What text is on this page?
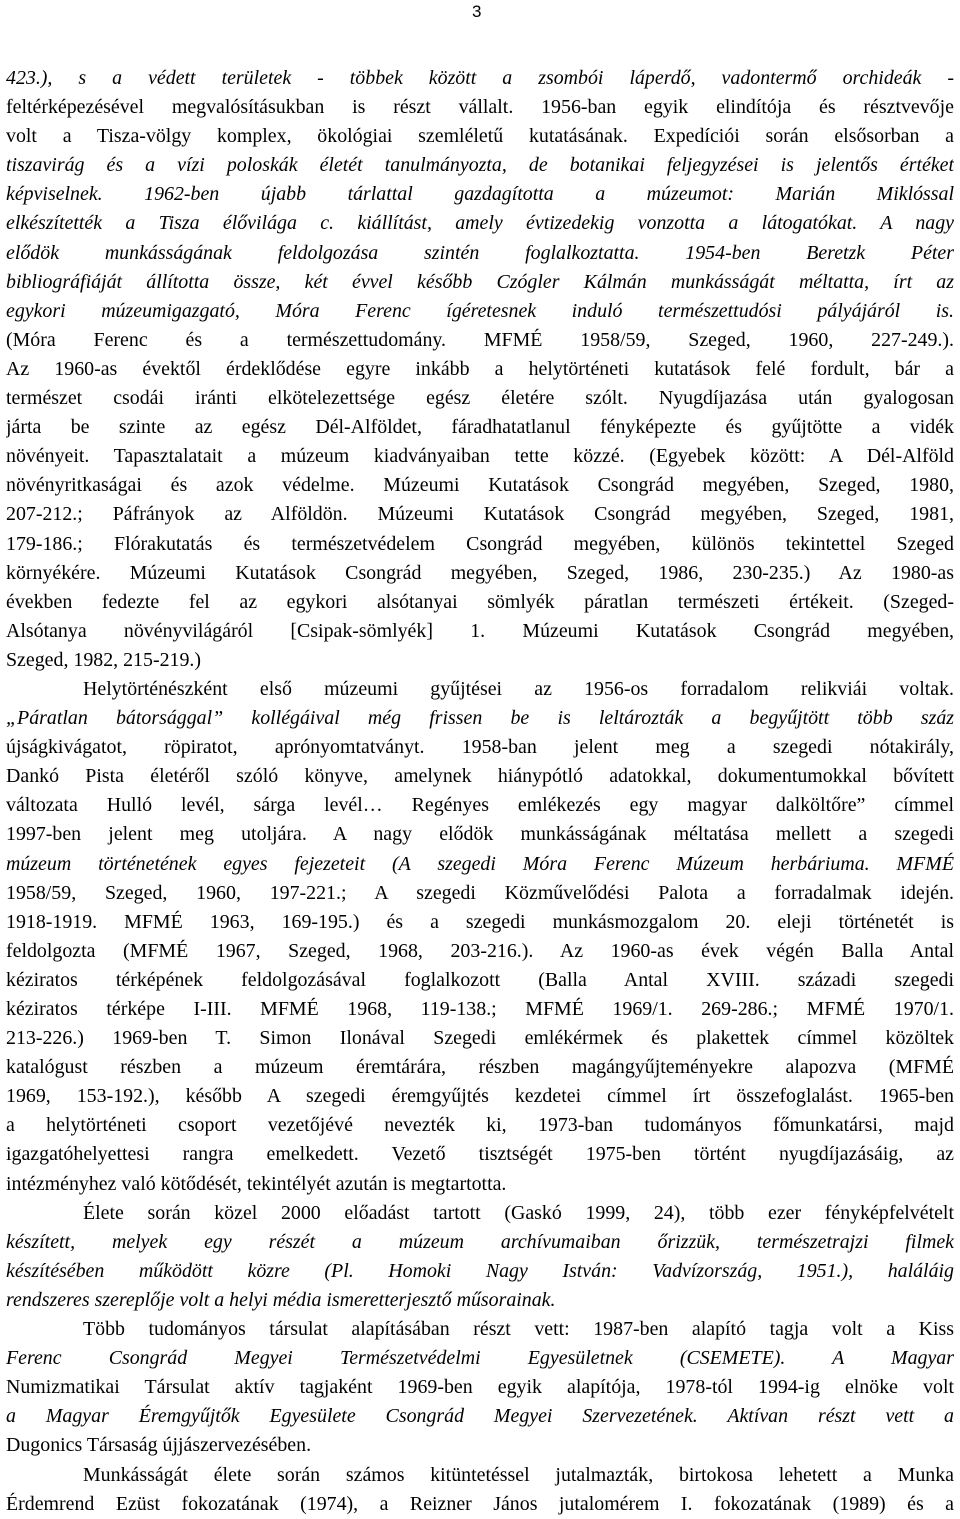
3
423.), s a védett területek - többek között a zsombói láperdő, vadontermő orchideák -
feltérképezésével megvalósításukban is részt vállalt. 1956-ban egyik elindítója és résztvevője
volt a Tisza-völgy komplex, ökológiai szemléletű kutatásának. Expedíciói során elsősorban a
tiszavirág és a vízi poloskák életét tanulmányozta, de botanikai feljegyzései is jelentős értéket
képviselnek. 1962-ben újabb tárlattal gazdagította a múzeumot: Marián Miklóssal
elkészítették a Tisza élővilága c. kiállítást, amely évtizedekig vonzotta a látogatókat. A nagy
elődök munkásságának feldolgozása szintén foglalkoztatta. 1954-ben Beretzk Péter
bibliográfiáját állította össze, két évvel később Czógler Kálmán munkásságát méltatta, írt az
egykori múzeumigazgató, Móra Ferenc ígéretesnek induló természettudósi pályájáról is.
(Móra Ferenc és a természettudomány. MFMÉ 1958/59, Szeged, 1960, 227-249.).
Az 1960-as évektől érdeklődése egyre inkább a helytörténeti kutatások felé fordult, bár a
természet csodái iránti elkötelezettsége egész életére szólt. Nyugdíjazása után gyalogosan
járta be szinte az egész Dél-Alföldet, fáradhatatlanul fényképezte és gyűjtötte a vidék
növényeit. Tapasztalatait a múzeum kiadványaiban tette közzé. (Egyebek között: A Dél-Alföld
növényritkaságai és azok védelme. Múzeumi Kutatások Csongrád megyében, Szeged, 1980,
207-212.; Páfrányok az Alföldön. Múzeumi Kutatások Csongrád megyében, Szeged, 1981,
179-186.; Flórakutatás és természetvédelem Csongrád megyében, különös tekintettel Szeged
környékére. Múzeumi Kutatások Csongrád megyében, Szeged, 1986, 230-235.) Az 1980-as
években fedezte fel az egykori alsótanyai sömlyék páratlan természeti értékeit. (Szeged-
Alsótanya növényvilágáról [Csipak-sömlyék] 1. Múzeumi Kutatások Csongrád megyében,
Szeged, 1982, 215-219.)
Helytörténészként első múzeumi gyűjtései az 1956-os forradalom relikviái voltak.
„Páratlan bátorsággal” kollégáival még frissen be is leltározták a begyűjtött több száz
újságkivágatot, röpiratot, aprónyomtatványt. 1958-ban jelent meg a szegedi nótakirály,
Dankó Pista életéről szóló könyve, amelynek hiánypótló adatokkal, dokumentumokkal bővített
változata Hulló levél, sárga levél… Regényes emlékezés egy magyar dalköltőre” címmel
1997-ben jelent meg utoljára. A nagy elődök munkásságának méltatása mellett a szegedi
múzeum történetének egyes fejezeteit (A szegedi Móra Ferenc Múzeum herbáriuma. MFMÉ
1958/59, Szeged, 1960, 197-221.; A szegedi Közművelődési Palota a forradalmak idején.
1918-1919. MFMÉ 1963, 169-195.) és a szegedi munkásmozgalom 20. eleji történetét is
feldolgozta (MFMÉ 1967, Szeged, 1968, 203-216.). Az 1960-as évek végén Balla Antal
kéziratos térképének feldolgozásával foglalkozott (Balla Antal XVIII. századi szegedi
kéziratos térképe I-III. MFMÉ 1968, 119-138.; MFMÉ 1969/1. 269-286.; MFMÉ 1970/1.
213-226.) 1969-ben T. Simon Ilonával Szegedi emlékérmek és plakettek címmel közöltek
katalógust részben a múzeum éremtárára, részben magángyűjteményekre alapozva (MFMÉ
1969, 153-192.), később A szegedi éremgyűjtés kezdetei címmel írt összefoglalást. 1965-ben
a helytörténeti csoport vezetőjévé nevezték ki, 1973-ban tudományos főmunkatársi, majd
igazgatóhelyettesi rangra emelkedett. Vezető tisztségét 1975-ben történt nyugdíjazásáig, az
intézményhez való kötődését, tekintélyét azután is megtartotta.
Élete során közel 2000 előadást tartott (Gaskó 1999, 24), több ezer fényképfelvételt
készített, melyek egy részét a múzeum archívumaiban őrizzük, természetrajzi filmek
készítésében működött közre (Pl. Homoki Nagy István: Vadvízország, 1951.), haláláig
rendszeres szereplője volt a helyi média ismeretterjesztő műsorainak.
Több tudományos társulat alapításában részt vett: 1987-ben alapító tagja volt a Kiss
Ferenc Csongrád Megyei Természetvédelmi Egyesületnek (CSEMETE). A Magyar
Numizmatikai Társulat aktív tagjaként 1969-ben egyik alapítója, 1978-tól 1994-ig elnöke volt
a Magyar Éremgyűjtők Egyesülete Csongrád Megyei Szervezetének. Aktívan részt vett a
Dugonics Társaság újjászervezésében.
Munkásságát élete során számos kitüntetéssel jutalmazták, birtokosa lehetett a Munka
Érdemrend Ezüst fokozatának (1974), a Reizner János jutalomérem I. fokozatának (1989) és a
